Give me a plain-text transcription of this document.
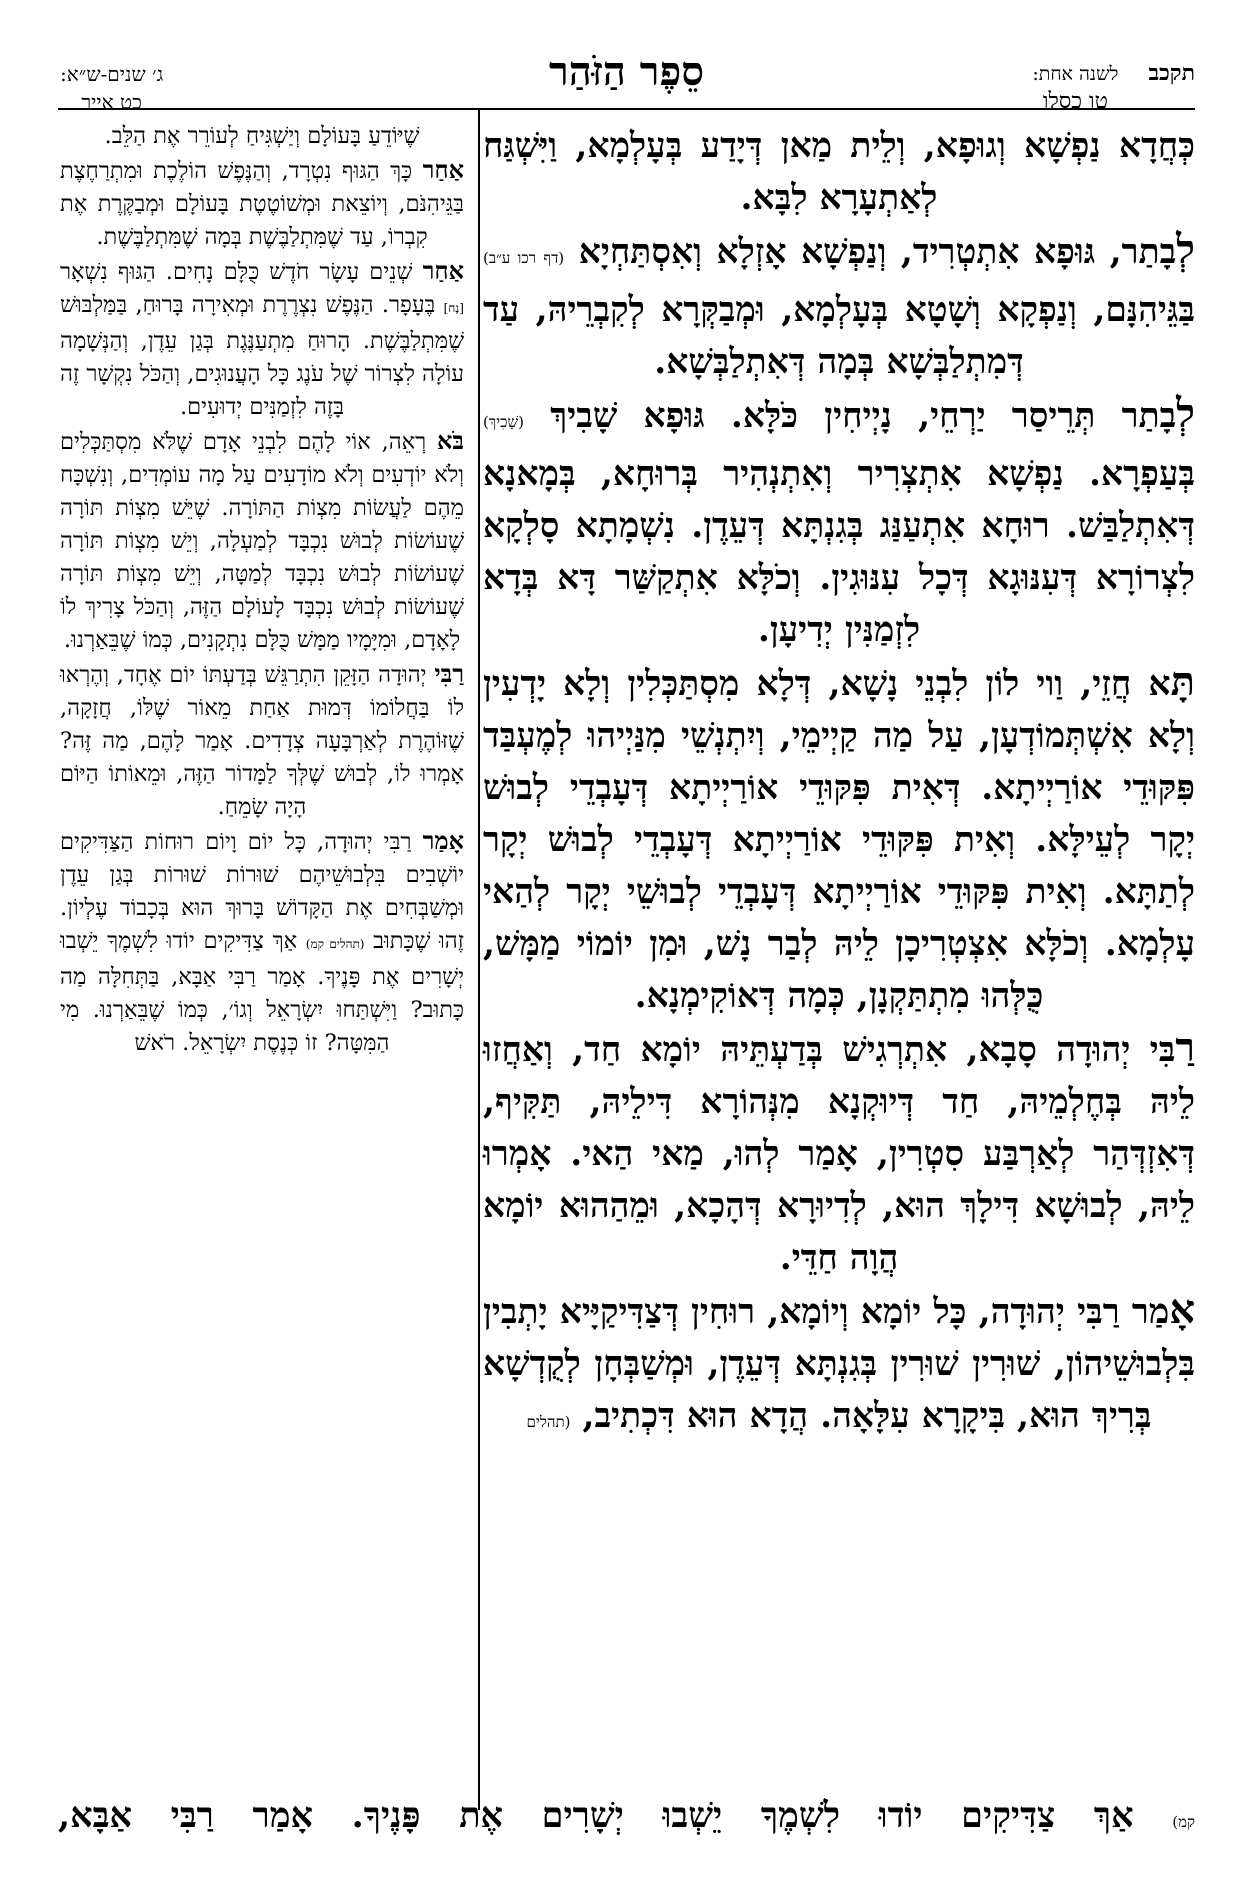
תקכב
לשנה אחת:
טו כסלו
סֵפֶר הַזֹּהַר
ג׳ שנים-ש״א:
כט אייר

כְּחֲדָא נַפְשָׁא וְגוּפָא, וְלֵית מַאן דְּיָדַע בְּעָלְמָא, וַיִּשְׁגַּח לְאַתְעָרָא לִבָּא.

לְבָתַר, גּוּפָא אִתְטְרִיד, וְנַפְשָׁא אָזְלָא וְאִסְתַּחְיָא (דף רכו ע״ב) בַּגֵּיהִנָּם, וְנַפְקָא וְשָׁטָא בְּעָלְמָא, וּמְבַקְּרָא לְקִבְרֵיהּ, עַד דְּמִתְלַבְּשָׁא בְּמָה דְּאִתְלַבְּשָׁא.

לְבָתַר תְּרֵיסַר יַרְחֵי, נָיְיחִין כֹּלָּא. גּוּפָא שָׁבִיךְ (שָׁכִיךְ) בְּעַפְרָא. נַפְשָׁא אִתְצְרִיר וְאִתְנְהִיר בְּרוּחָא, בְּמָאנָא דְּאִתְלַבַּשׁ. רוּחָא אִתְעַנַּג בְּגִנְתָּא דְּעֵדֶן. נִשְׁמָתָא סָלְקָא לִצְרוֹרָא דְּעִנּוּגָא דְּכָל עִנּוּגִין. וְכֹלָּא אִתְקַשַּׁר דָּא בְּדָא לִזְמַנִּין יְדִיעָן.

תָּא חֲזֵי, וַוי לוֹן לִבְנֵי נָשָׁא, דְּלָא מִסְתַּכְּלִין וְלָא יָדְעִין וְלָא אִשְׁתְּמוֹדְעָן, עַל מַה קַיְימֵי, וְיִתְנְשֵׁי מִנַּיְיהוּ לְמֶעְבַּד פִּקּוּדֵי אוֹרַיְיתָא. דְּאִית פִּקּוּדֵי אוֹרַיְיתָא דְּעָבְדֵי לְבוּשׁ יְקָר לְעֵילָּא. וְאִית פִּקּוּדֵי אוֹרַיְיתָא דְּעָבְדֵי לְבוּשׁ יְקָר לְתַתָּא. וְאִית פִּקּוּדֵי אוֹרַיְיתָא דְּעָבְדֵי לְבוּשֵׁי יְקָר לְהַאי עָלְמָא. וְכֹלָּא אִצְטְרִיכָן לֵיהּ לְבַר נָשׁ, וּמִן יוֹמוֹי מַמָּשׁ, כֻּלְּהוּ מִתְתַּקְנָן, כְּמָה דְּאוֹקִימְנָא.

רַבִּי יְהוּדָה סָבָא, אִתְרְגִישׁ בְּדַעְתֵּיהּ יוֹמָא חַד, וְאַחֲזוּ לֵיהּ בְּחֶלְמֵיהּ, חַד דְּיוּקְנָא מִנְּהוֹרָא דִּילֵיהּ, תַּקִּיף, דְּאִזְדְּהַר לְאַרְבַּע סִטְרִין, אָמַר לְהוּ, מַאי הַאי. אָמְרוּ לֵיהּ, לְבוּשָׁא דִּילָךְ הוּא, לְדִיוּרָא דְּהָכָא, וּמֵהַהוּא יוֹמָא הֲוָה חַדֵּי.

אָמַר רַבִּי יְהוּדָה, כָּל יוֹמָא וְיוֹמָא, רוּחִין דְּצַדִּיקַיָּיא יָתְבִין בִּלְבוּשֵׁיהוֹן, שׁוּרִין שׁוּרִין בְּגִנְתָּא דְּעֵדֶן, וּמְשַׁבְּחָן לְקֻדְשָׁא בְּרִיךְ הוּא, בִּיקָרָא עִלָּאָה. הֲדָא הוּא דִּכְתִיב, (תהלים

שֶׁיּוֹדֵעַ בָּעוֹלָם וְיַשְׁגִּיחַ לְעוֹרֵר אֶת הַלֵּב.

אַחַר כָּךְ הַגּוּף נִטְרָד, וְהַנֶּפֶשׁ הוֹלֶכֶת וּמִתְרַחֶצֶת בַּגֵּיהִנֹּם, וְיוֹצֵאת וּמְשׁוֹטֶטֶת בָּעוֹלָם וּמְבַקֶּרֶת אֶת קִבְרוֹ, עַד שֶׁמִּתְלַבֶּשֶׁת בְּמָה שֶׁמִּתְלַבֶּשֶׁת.

אַחַר שְׁנֵים עָשָׂר חֹדֶשׁ כֻּלָּם נָחִים. הַגּוּף נִשְׁאָר [נָח] בֶּעָפָר. הַנֶּפֶשׁ נִצְרֶרֶת וּמְאִירָה בָּרוּחַ, בַּמַּלְבּוּשׁ שֶׁמִּתְלַבֶּשֶׁת. הָרוּחַ מִתְעַנֶּגֶת בְּגַן עֵדֶן, וְהַנְּשָׁמָה עוֹלָה לִצְרוֹר שֶׁל עֹנֶג כָּל הָעֲנוּגִים, וְהַכֹּל נִקְשָׁר זֶה בָּזֶה לִזְמַנִּים יְדוּעִים.

בֹּא רְאֵה, אוֹי לָהֶם לִבְנֵי אָדָם שֶׁלֹּא מִסְתַּכְּלִים וְלֹא יוֹדְעִים וְלֹא מוֹדָעִים עַל מָה עוֹמְדִים, וְנִשְׁכָּח מֵהֶם לַעֲשׂוֹת מִצְוֹת הַתּוֹרָה. שֶׁיֵּשׁ מִצְוֹת תּוֹרָה שֶׁעוֹשׂוֹת לְבוּשׁ נִכְבָּד לְמַעְלָה, וְיֵשׁ מִצְוֹת תּוֹרָה שֶׁעוֹשׂוֹת לְבוּשׁ נִכְבָּד לְמַטָּה, וְיֵשׁ מִצְוֹת תּוֹרָה שֶׁעוֹשׂוֹת לְבוּשׁ נִכְבָּד לָעוֹלָם הַזֶּה, וְהַכֹּל צָרִיךְ לוֹ לָאָדָם, וּמִיָּמָיו מַמָּשׁ כֻּלָּם נִתְקָנִים, כְּמוֹ שֶׁבֵּאַרְנוּ.

רַבִּי יְהוּדָה הַזָּקֵן הִתְרַגֵּשׁ בְּדַעְתּוֹ יוֹם אֶחָד, וְהֶרְאוּ לוֹ בַּחֲלוֹמוֹ דְּמוּת אַחַת מֵאוֹר שֶׁלּוֹ, חֲזָקָה, שֶׁזּוֹהֶרֶת לְאַרְבָּעָה צְדָדִים. אָמַר לָהֶם, מַה זֶּה? אָמְרוּ לוֹ, לְבוּשׁ שֶׁלְּךָ לַמָּדוֹר הַזֶּה, וּמֵאוֹתוֹ הַיּוֹם הָיָה שָׂמֵחַ.

אָמַר רַבִּי יְהוּדָה, כָּל יוֹם וָיוֹם רוּחוֹת הַצַּדִּיקִים יוֹשְׁבִים בִּלְבוּשֵׁיהֶם שׁוּרוֹת שׁוּרוֹת בְּגַן עֵדֶן וּמְשַׁבְּחִים אֶת הַקָּדוֹשׁ בָּרוּךְ הוּא בְּכָבוֹד עֶלְיוֹן. זֶהוּ שֶׁכָּתוּב (תהלים קמ) אַךְ צַדִּיקִים יוֹדוּ לִשְׁמֶךָ יֵשְׁבוּ יְשָׁרִים אֶת פָּנֶיךָ. אָמַר רַבִּי אַבָּא, בַּתְּחִלָּה מַה כָּתוּב? וַיִּשְׁתַּחוּ יִשְׂרָאֵל וְגוֹ׳, כְּמוֹ שֶׁבֵּאַרְנוּ. מִי הַמִּטָּה? זוֹ כְּנֶסֶת יִשְׂרָאֵל. רֹאשׁ

קמ) אַךְ צַדִּיקִים יוֹדוּ לִשְׁמֶךָ יֵשְׁבוּ יְשָׁרִים אֶת פָּנֶיךָ. אָמַר רַבִּי אַבָּא,
